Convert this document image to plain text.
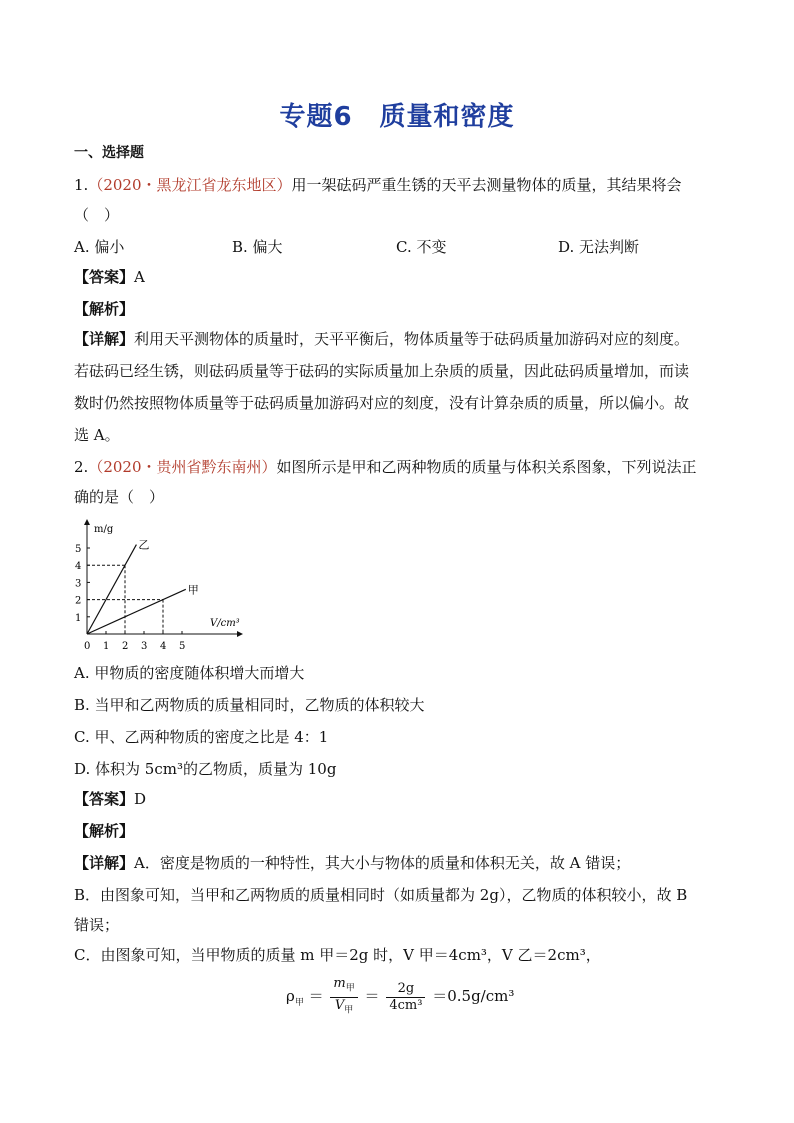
专题6　质量和密度
一、选择题
1.（2020・黑龙江省龙东地区）用一架砝码严重生锈的天平去测量物体的质量，其结果将会
（　）
A. 偏小	B. 偏大	C. 不变	D. 无法判断
【答案】A
【解析】
【详解】利用天平测物体的质量时，天平平衡后，物体质量等于砝码质量加游码对应的刻度。
若砝码已经生锈，则砝码质量等于砝码的实际质量加上杂质的质量，因此砝码质量增加，而读
数时仍然按照物体质量等于砝码质量加游码对应的刻度，没有计算杂质的质量，所以偏小。故
选 A。
2.（2020・贵州省黔东南州）如图所示是甲和乙两种物质的质量与体积关系图象，下列说法正
确的是（　）
m/g
V/cm³
0 1 2 3 4 5
1
2
3
4
5	乙
甲
A. 甲物质的密度随体积增大而增大
B. 当甲和乙两物质的质量相同时，乙物质的体积较大
C. 甲、乙两种物质的密度之比是 4：1
D. 体积为 5cm³的乙物质，质量为 10g
【答案】D
【解析】
【详解】A．密度是物质的一种特性，其大小与物体的质量和体积无关，故 A 错误；
B．由图象可知，当甲和乙两物质的质量相同时（如质量都为 2g），乙物质的体积较小，故 B
错误；
C．由图象可知，当甲物质的质量 m 甲＝2g 时，V 甲＝4cm³，V 乙＝2cm³，
$\rho_甲 = \frac{m_甲}{V_甲} = \frac{2g}{\text{4cm³}} =0.5g/cm^3$
